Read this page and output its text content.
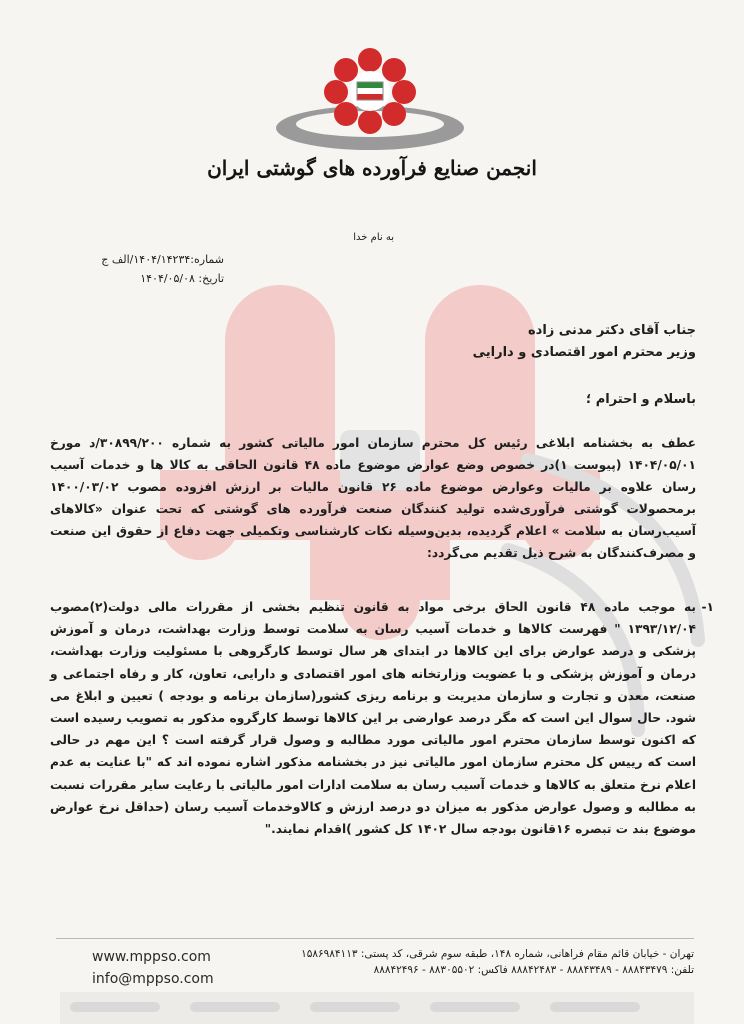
انجمن صنایع فرآورده های گوشتی ایران

به نام خدا

شماره:۱۴۰۴/۱۴۲۳۴/الف ج
تاریخ: ۱۴۰۴/۰۵/۰۸
جناب آقای دکتر مدنی زاده
وزیر محترم امور اقتصادی و دارایی
باسلام و احترام ؛

عطف به بخشنامه ابلاغی رئیس کل محترم سازمان امور مالیاتی کشور به شماره ۳۰۸۹۹/۲۰۰/د مورخ ۱۴۰۴/۰۵/۰۱ (پیوست ۱)در خصوص وضع عوارض موضوع ماده ۴۸ قانون الحاقی به کالا ها و خدمات آسیب رسان علاوه بر مالیات وعوارض موضوع ماده ۲۶ قانون مالیات بر ارزش افزوده مصوب ۱۴۰۰/۰۳/۰۲ برمحصولات گوشتی فرآوری‌شده تولید کنندگان صنعت فرآورده های گوشتی که تحت عنوان «کالاهای آسیب‌رسان به سلامت » اعلام گردیده، بدین‌وسیله نکات کارشناسی وتکمیلی جهت دفاع از حقوق این صنعت و مصرف‌کنندگان به شرح ذیل تقدیم می‌گردد:

۱-
به موجب ماده ۴۸ قانون الحاق برخی مواد به قانون تنظیم بخشی از مقررات مالی دولت(۲)مصوب ۱۳۹۳/۱۲/۰۴ " فهرست کالاها و خدمات آسیب رسان به سلامت توسط وزارت بهداشت، درمان و آموزش پزشکی و درصد عوارض برای این کالاها در ابتدای هر سال توسط کارگروهی با مسئولیت وزارت بهداشت، درمان و آموزش پزشکی و با عضویت وزارتخانه های امور اقتصادی و دارایی، تعاون، کار و رفاه اجتماعی و صنعت، معدن و تجارت و سازمان مدیریت و برنامه ریزی کشور(سازمان برنامه و بودجه ) تعیین و ابلاغ می شود. حال سوال این است که مگر درصد عوارضی بر این کالاها توسط کارگروه مذکور به تصویب رسیده است که اکنون توسط سازمان محترم امور مالیاتی مورد مطالبه و وصول قرار گرفته است ؟ این مهم در حالی است که رییس کل محترم سازمان امور مالیاتی نیز در بخشنامه مذکور اشاره نموده اند که "با عنایت به عدم اعلام نرخ متعلق به کالاها و خدمات آسیب رسان به سلامت ادارات امور مالیاتی با رعایت سایر مقررات نسبت به مطالبه و وصول عوارض مذکور به میزان دو درصد ارزش و کالاوخدمات آسیب رسان (حداقل نرخ عوارض موضوع بند ت تبصره ۱۶قانون بودجه سال ۱۴۰۲ کل کشور )اقدام نمایند."
www.mppso.com
info@mppso.com
تهران - خیابان قائم مقام فراهانی، شماره ۱۴۸، طبقه سوم شرقی، کد پستی: ۱۵۸۶۹۸۴۱۱۳
تلفن: ۸۸۸۴۳۴۷۹ - ۸۸۸۴۳۴۸۹ - ۸۸۸۴۲۴۸۳ فاکس: ۸۸۳۰۵۵۰۲ - ۸۸۸۴۲۴۹۶
